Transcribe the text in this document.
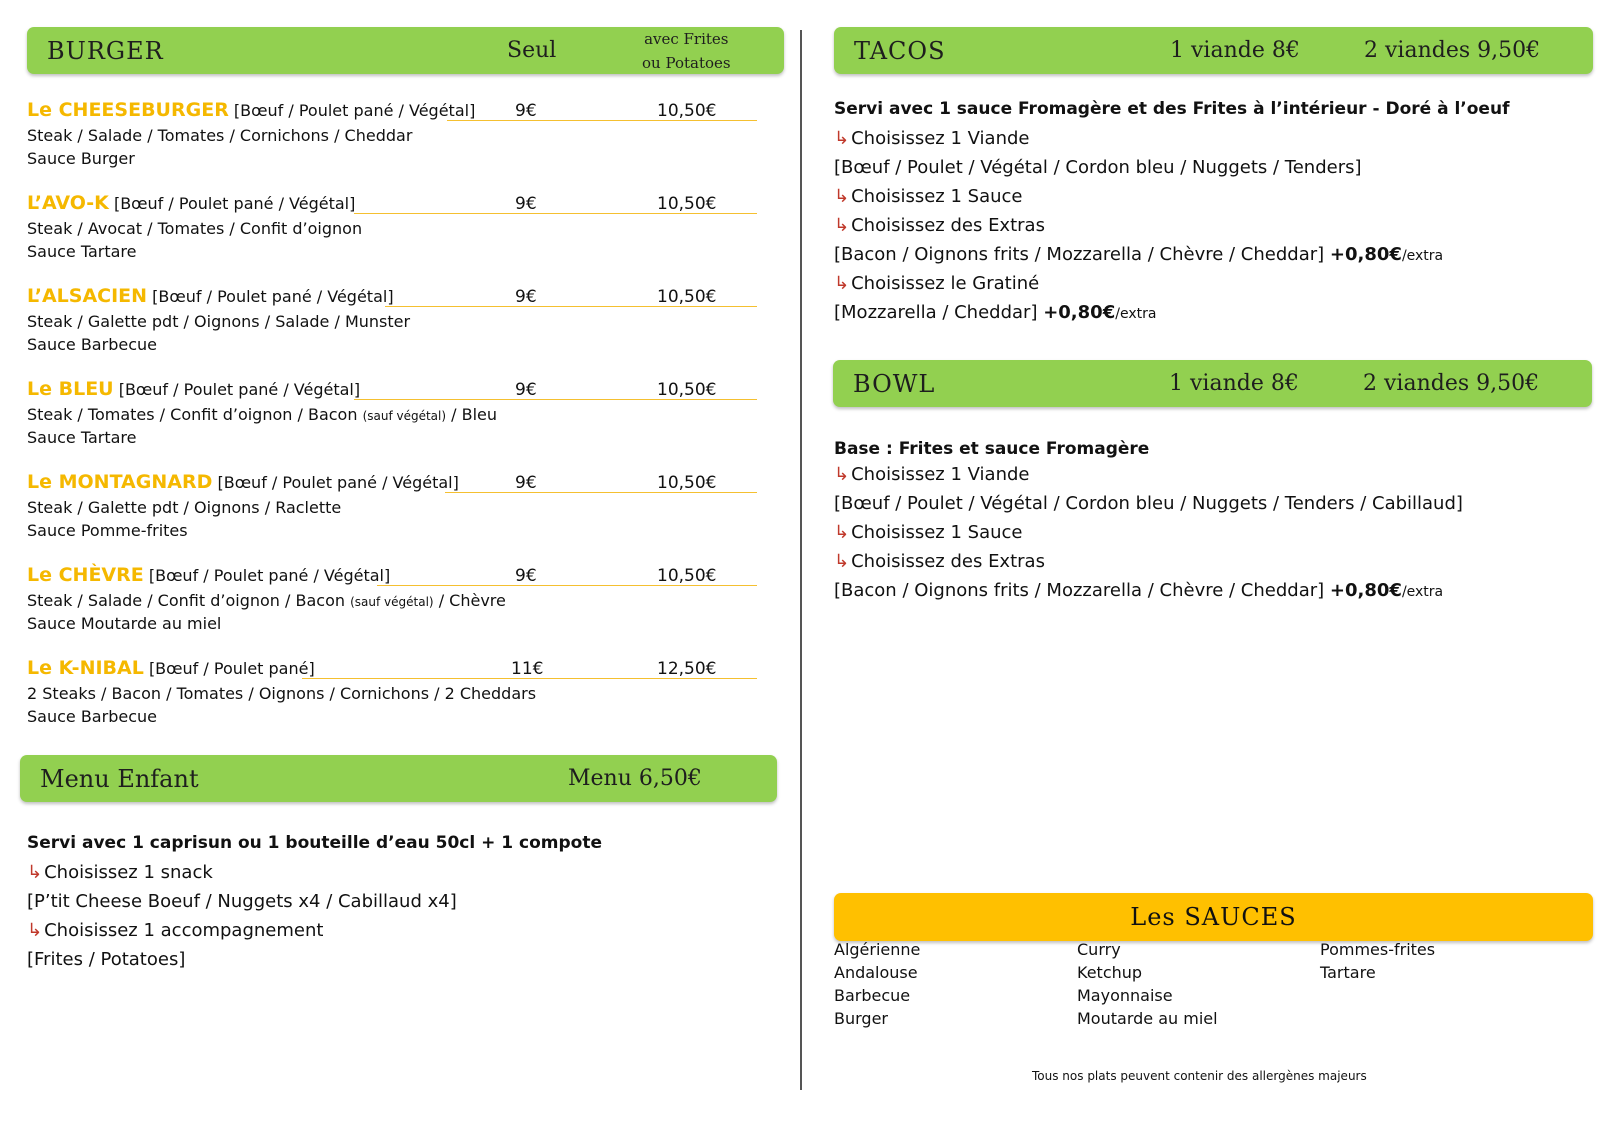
BURGER	Seul	avec Frites
ou Potatoes
Le CHEESEBURGER [Bœuf / Poulet pané / Végétal] 9€	10,50€
Steak / Salade / Tomates / Cornichons / Cheddar
Sauce Burger
L’AVO-K [Bœuf / Poulet pané / Végétal]	9€	10,50€
Steak / Avocat / Tomates / Confit d’oignon
Sauce Tartare
L’ALSACIEN [Bœuf / Poulet pané / Végétal]	9€	10,50€
Steak / Galette pdt / Oignons / Salade / Munster
Sauce Barbecue
Le BLEU [Bœuf / Poulet pané / Végétal]	9€	10,50€
Steak / Tomates / Confit d’oignon / Bacon (sauf végétal) / Bleu
Sauce Tartare
Le MONTAGNARD [Bœuf / Poulet pané / Végétal]	9€	10,50€
Steak / Galette pdt / Oignons / Raclette
Sauce Pomme-frites
Le CHÈVRE [Bœuf / Poulet pané / Végétal]	9€	10,50€
Steak / Salade / Confit d’oignon / Bacon (sauf végétal) / Chèvre
Sauce Moutarde au miel
Le K-NIBAL [Bœuf / Poulet pané]	11€	12,50€
2 Steaks / Bacon / Tomates / Oignons / Cornichons / 2 Cheddars
Sauce Barbecue
Menu Enfant	Menu 6,50€
Servi avec 1 caprisun ou 1 bouteille d’eau 50cl + 1 compote
↳ Choisissez 1 snack
[P’tit Cheese Boeuf / Nuggets x4 / Cabillaud x4]
↳ Choisissez 1 accompagnement
[Frites / Potatoes]
TACOS	1 viande 8€	2 viandes 9,50€
Servi avec 1 sauce Fromagère et des Frites à l’intérieur - Doré à l’oeuf
↳ Choisissez 1 Viande
[Bœuf / Poulet / Végétal / Cordon bleu / Nuggets / Tenders]
↳ Choisissez 1 Sauce
↳ Choisissez des Extras
[Bacon / Oignons frits / Mozzarella / Chèvre / Cheddar] +0,80€/extra
↳ Choisissez le Gratiné
[Mozzarella / Cheddar] +0,80€/extra
BOWL	1 viande 8€	2 viandes 9,50€
Base : Frites et sauce Fromagère
↳ Choisissez 1 Viande
[Bœuf / Poulet / Végétal / Cordon bleu / Nuggets / Tenders / Cabillaud]
↳ Choisissez 1 Sauce
↳ Choisissez des Extras
[Bacon / Oignons frits / Mozzarella / Chèvre / Cheddar] +0,80€/extra
Les SAUCES
Algérienne
Andalouse
Barbecue
Burger
Curry
Ketchup
Mayonnaise
Moutarde au miel
Pommes-frites
Tartare
Tous nos plats peuvent contenir des allergènes majeurs
